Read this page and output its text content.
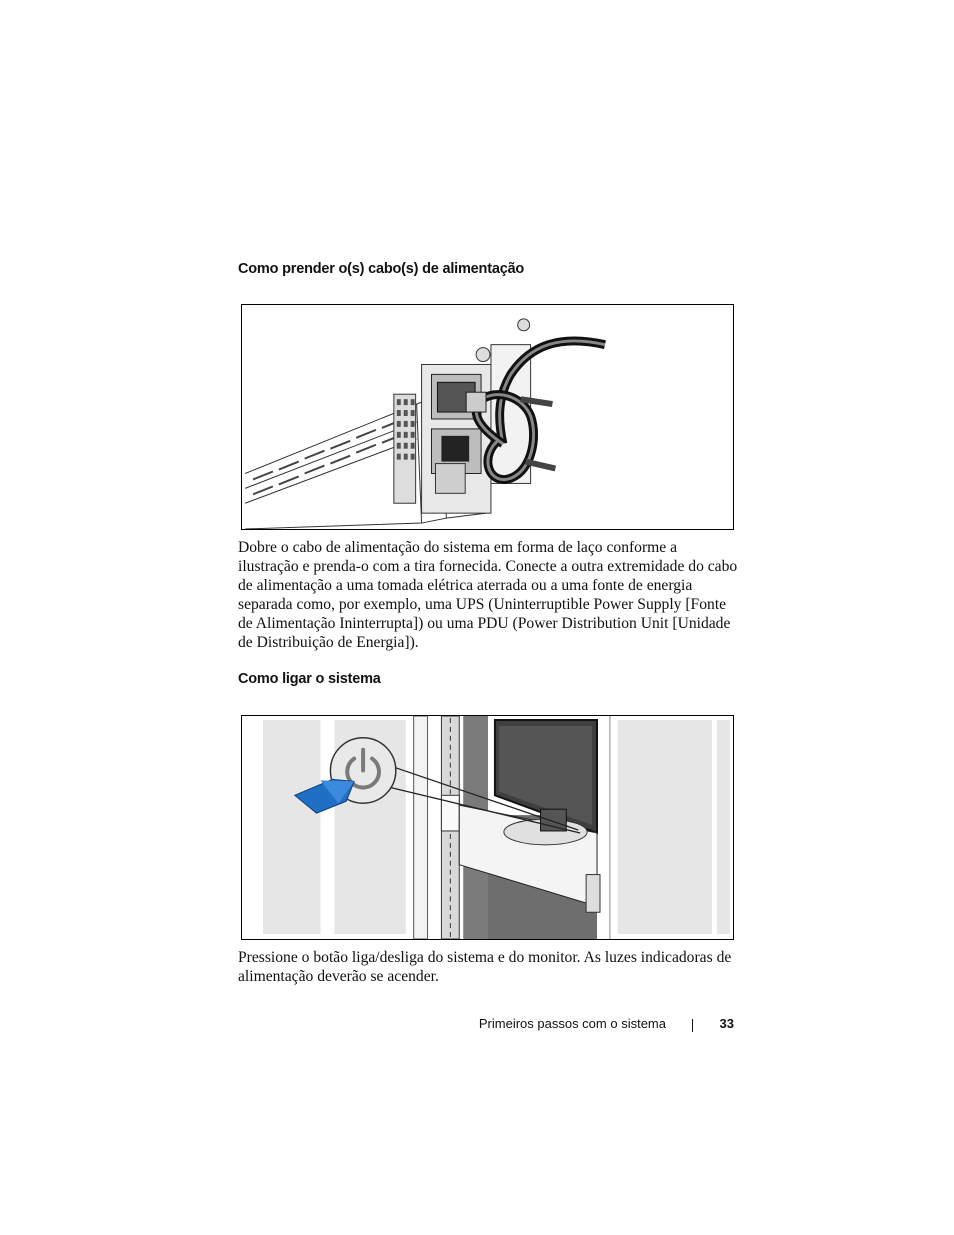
Como prender o(s) cabo(s) de alimentação

Dobre o cabo de alimentação do sistema em forma de laço conforme a ilustração e prenda-o com a tira fornecida. Conecte a outra extremidade do cabo de alimentação a uma tomada elétrica aterrada ou a uma fonte de energia separada como, por exemplo, uma UPS (Uninterruptible Power Supply [Fonte de Alimentação Ininterrupta]) ou uma PDU (Power Distribution Unit [Unidade de Distribuição de Energia]).

Como ligar o sistema

Pressione o botão liga/desliga do sistema e do monitor. As luzes indicadoras de alimentação deverão se acender.

Primeiros passos com o sistema	33
